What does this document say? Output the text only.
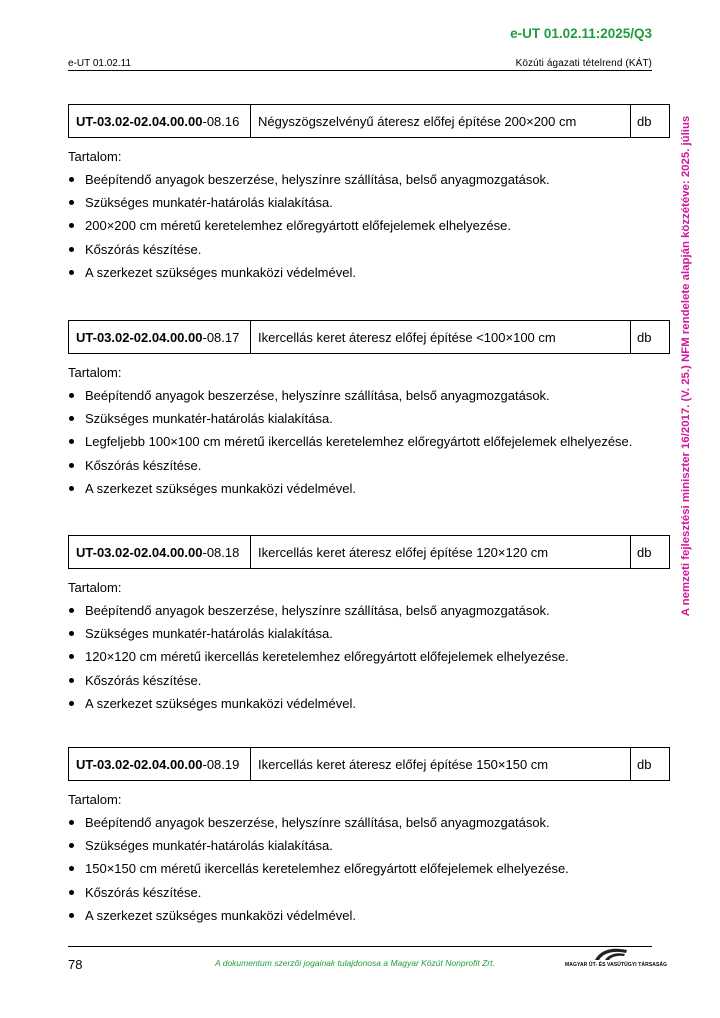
e-UT 01.02.11:2025/Q3
e-UT 01.02.11	Közúti ágazati tételrend (KÁT)
A nemzeti fejlesztési miniszter 16/2017. (V. 25.) NFM rendelete alapján közzétéve: 2025. július
UT-03.02-02.04.00.00 -08.16	Négyszögszelvényű áteresz előfej építése 200×200 cm	db
Tartalom:
Beépítendő anyagok beszerzése, helyszínre szállítása, belső anyagmozgatások.
Szükséges munkatér-határolás kialakítása.
200×200 cm méretű keretelemhez előregyártott előfejelemek elhelyezése.
Kőszórás készítése.
A szerkezet szükséges munkaközi védelmével.
UT-03.02-02.04.00.00 -08.17	Ikercellás keret áteresz előfej építése <100×100 cm	db
Tartalom:
Beépítendő anyagok beszerzése, helyszínre szállítása, belső anyagmozgatások.
Szükséges munkatér-határolás kialakítása.
Legfeljebb 100×100 cm méretű ikercellás keretelemhez előregyártott előfejelemek elhelyezése.
Kőszórás készítése.
A szerkezet szükséges munkaközi védelmével.
UT-03.02-02.04.00.00 -08.18	Ikercellás keret áteresz előfej építése 120×120 cm	db
Tartalom:
Beépítendő anyagok beszerzése, helyszínre szállítása, belső anyagmozgatások.
Szükséges munkatér-határolás kialakítása.
120×120 cm méretű ikercellás keretelemhez előregyártott előfejelemek elhelyezése.
Kőszórás készítése.
A szerkezet szükséges munkaközi védelmével.
UT-03.02-02.04.00.00 -08.19	Ikercellás keret áteresz előfej építése 150×150 cm	db
Tartalom:
Beépítendő anyagok beszerzése, helyszínre szállítása, belső anyagmozgatások.
Szükséges munkatér-határolás kialakítása.
150×150 cm méretű ikercellás keretelemhez előregyártott előfejelemek elhelyezése.
Kőszórás készítése.
A szerkezet szükséges munkaközi védelmével.
78	A dokumentum szerzői jogainak tulajdonosa a Magyar Közút Nonprofit Zrt.	MAGYAR ÚT- ÉS VASÚTÜGYI TÁRSASÁG
